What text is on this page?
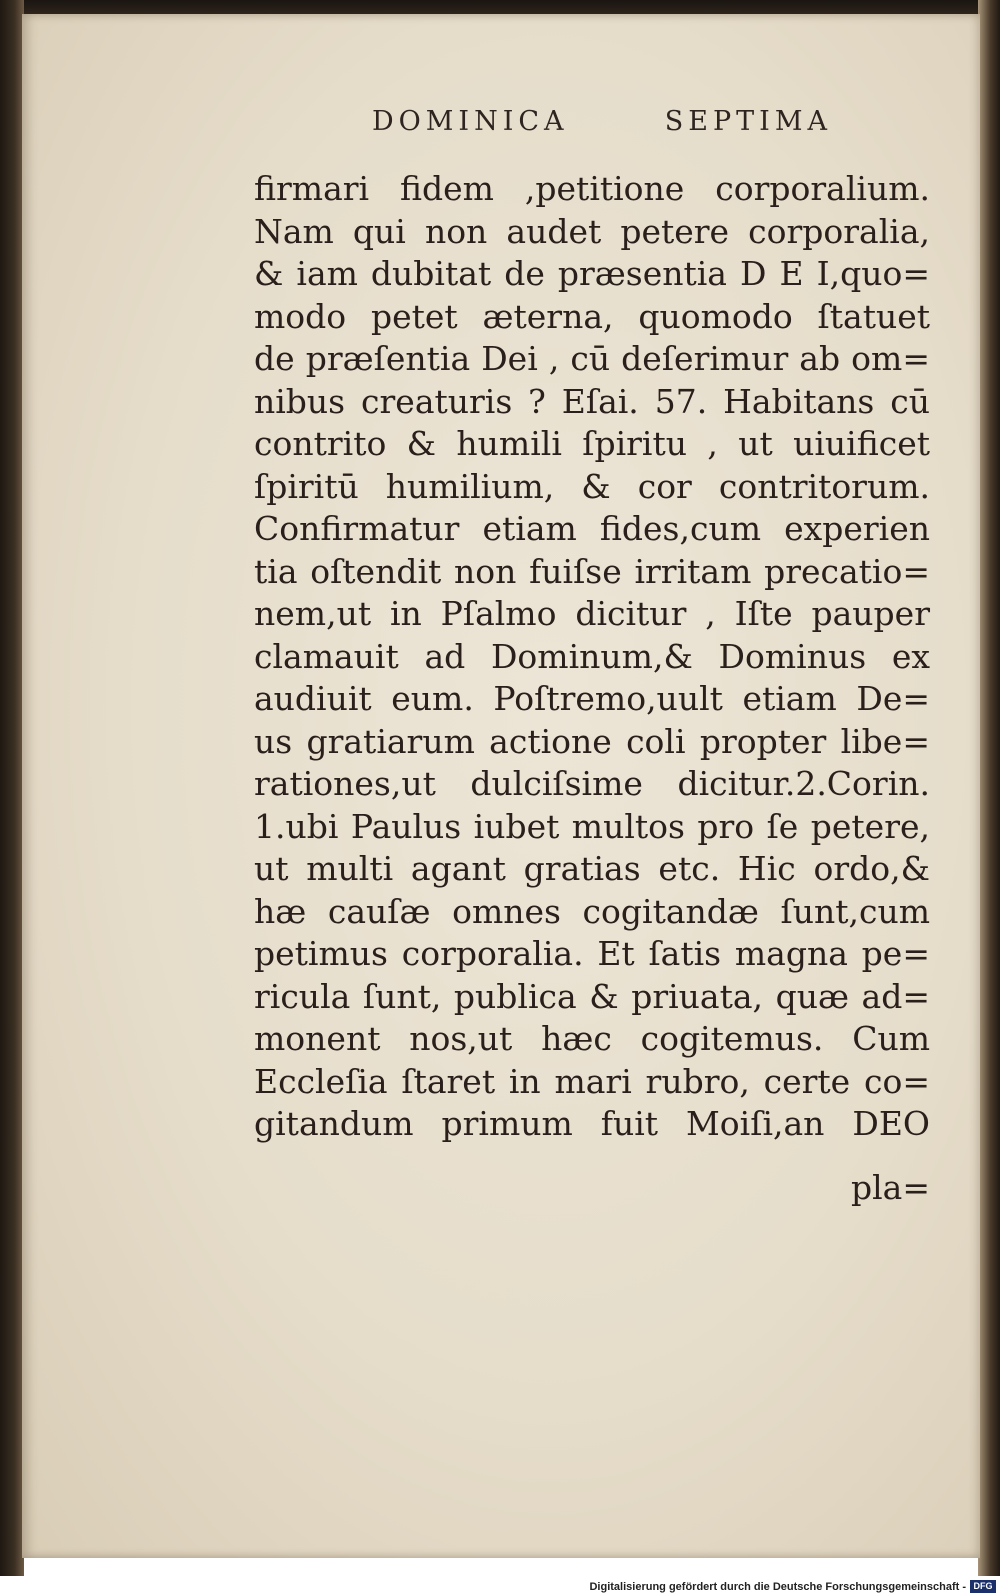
DOMINICA	SEPTIMA
firmari fidem ,petitione corporalium.
Nam qui non audet petere corporalia,
& iam dubitat de præsentia D E I,quo=
modo petet æterna, quomodo ſtatuet
de præſentia Dei , cū deſerimur ab om=
nibus creaturis ? Eſai. 57. Habitans cū
contrito & humili ſpiritu , ut uiuificet
ſpiritū humilium, & cor contritorum.
Confirmatur etiam fides,cum experien
tia oſtendit non fuiſse irritam precatio=
nem,ut in Pſalmo dicitur , Iſte pauper
clamauit ad Dominum,& Dominus ex
audiuit eum. Poſtremo,uult etiam De=
us gratiarum actione coli propter libe=
rationes,ut dulciſsime dicitur.2.Corin.
1.ubi Paulus iubet multos pro ſe petere,
ut multi agant gratias etc. Hic ordo,&
hæ cauſæ omnes cogitandæ ſunt,cum
petimus corporalia. Et ſatis magna pe=
ricula ſunt, publica & priuata, quæ ad=
monent nos,ut hæc cogitemus. Cum
Eccleſia ſtaret in mari rubro, certe co=
gitandum primum fuit Moiſi,an DEO
pla=
Digitalisierung gefördert durch die Deutsche Forschungsgemeinschaft - DFG
